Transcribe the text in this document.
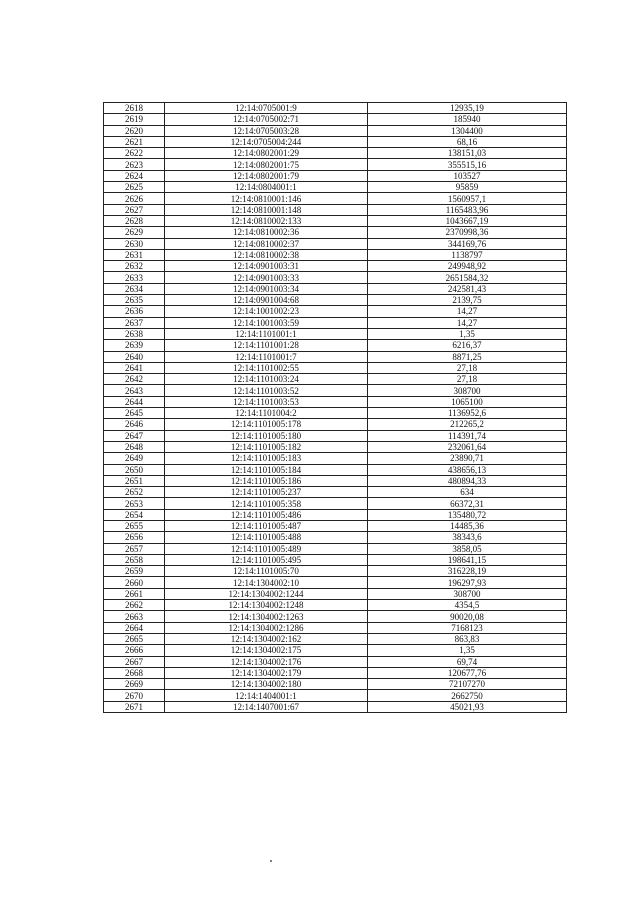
2618	12:14:0705001:9	12935,19
2619	12:14:0705002:71	185940
2620	12:14:0705003:28	1304400
2621	12:14:0705004:244	68,16
2622	12:14:0802001:29	138151,03
2623	12:14:0802001:75	355515,16
2624	12:14:0802001:79	103527
2625	12:14:0804001:1	95859
2626	12:14:0810001:146	1560957,1
2627	12:14:0810001:148	1165483,96
2628	12:14:0810002:133	1043667,19
2629	12:14:0810002:36	2370998,36
2630	12:14:0810002:37	344169,76
2631	12:14:0810002:38	1138797
2632	12:14:0901003:31	249948,92
2633	12:14:0901003:33	2651584,32
2634	12:14:0901003:34	242581,43
2635	12:14:0901004:68	2139,75
2636	12:14:1001002:23	14,27
2637	12:14:1001003:59	14,27
2638	12:14:1101001:1	1,35
2639	12:14:1101001:28	6216,37
2640	12:14:1101001:7	8871,25
2641	12:14:1101002:55	27,18
2642	12:14:1101003:24	27,18
2643	12:14:1101003:52	308700
2644	12:14:1101003:53	1065100
2645	12:14:1101004:2	1136952,6
2646	12:14:1101005:178	212265,2
2647	12:14:1101005:180	114391,74
2648	12:14:1101005:182	232061,64
2649	12:14:1101005:183	23890,71
2650	12:14:1101005:184	438656,13
2651	12:14:1101005:186	480894,33
2652	12:14:1101005:237	634
2653	12:14:1101005:358	66372,31
2654	12:14:1101005:486	135480,72
2655	12:14:1101005:487	14485,36
2656	12:14:1101005:488	38343,6
2657	12:14:1101005:489	3858,05
2658	12:14:1101005:495	198641,15
2659	12:14:1101005:70	316228,19
2660	12:14:1304002:10	196297,93
2661	12:14:1304002:1244	308700
2662	12:14:1304002:1248	4354,5
2663	12:14:1304002:1263	90020,08
2664	12:14:1304002:1286	7168123
2665	12:14:1304002:162	863,83
2666	12:14:1304002:175	1,35
2667	12:14:1304002:176	69,74
2668	12:14:1304002:179	120677,76
2669	12:14:1304002:180	72107270
2670	12:14:1404001:1	2662750
2671	12:14:1407001:67	45021,93
